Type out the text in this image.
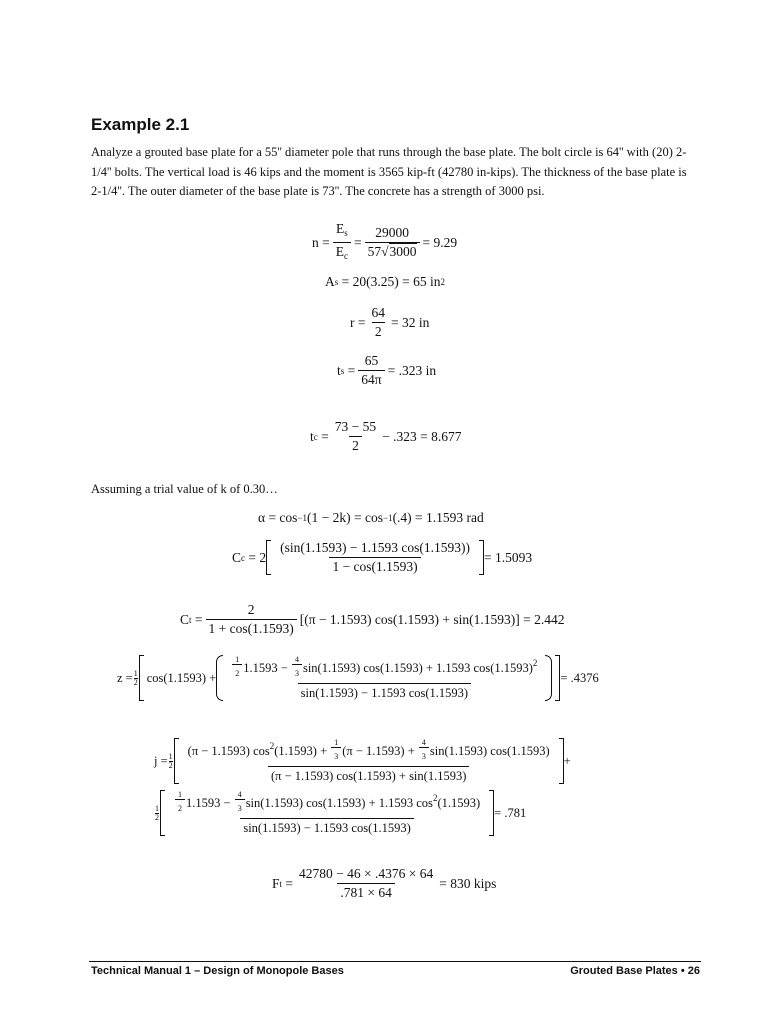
Example 2.1

Analyze a grouted base plate for a 55'' diameter pole that runs through the base plate. The bolt circle is 64'' with (20) 2-1/4'' bolts. The vertical load is 46 kips and the moment is 3565 kip-ft (42780 in-kips). The thickness of the base plate is 2-1/4''. The outer diameter of the base plate is 73''. The concrete has a strength of 3000 psi.

$n = \frac{E_s}{E_c} = \frac{29000}{57√3000} = 9.29$
A s
= 20(3.25) = 65 in 2
$r = \frac{64}{2} = 32$ in
t s
= $\frac{65}{64\pi} = .323$ in
t c
= $\frac{73 - 55}{2} - .323 = 8.677$

Assuming a trial value of k of 0.30…

α = cos −1 (1 − 2k) = cos −1 (.4) = 1.1593 rad
C c
= $2 \frac{(\sin(1.1593) - 1.1593 \cos(1.1593))}{1 - \cos(1.1593)} = 1.5093$
C t
= $\frac{2}{1 + \cos(1.1593)} [(\pi - 1.1593) \cos(1.1593) + \sin(1.1593)] = 2.442$
$z = \frac{1}{2} \cos(1.1593) + \frac{1}{2} 1.1593 - \frac{4}{3} \sin(1.1593) \cos(1.1593) + 1.1593$ $\cos(1.1593)^2$
sin(1.1593) − 1.1593 cos(1.1593)
= .4376
$j = \frac{1}{2}$
(π − 1.1593) $\cos^2(1.1593) + \frac{1}{3} (\pi - 1.1593) + \frac{4}{3} \sin(1.1593)$ cos(1.1593)
(π − 1.1593) cos(1.1593) + sin(1.1593)
+
$\frac{1}{2} \frac{1}{2} 1.1593 - \frac{4}{3} \sin(1.1593) \cos(1.1593) + 1.1593$ $\cos^2(1.1593)$
sin(1.1593) − 1.1593 cos(1.1593)
= .781
F t
= $\frac{42780 - 46 \times .4376 \times 64}{.781 \times 64} = 830$ kips
Technical Manual 1 – Design of Monopole Bases	Grouted Base Plates • 26
